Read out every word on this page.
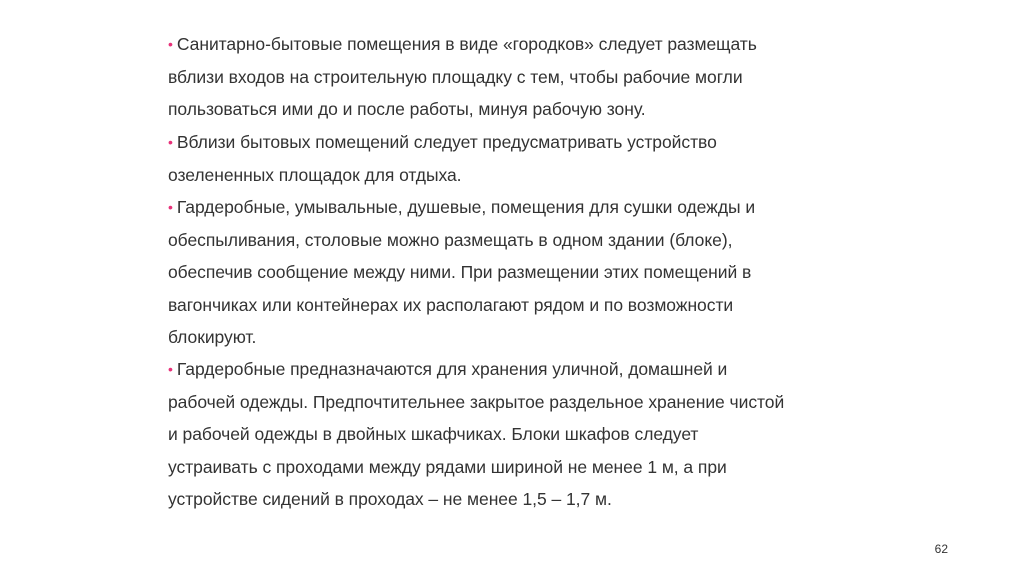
• Санитарно-бытовые помещения в виде «городков» следует размещать
вблизи входов на строительную площадку с тем, чтобы рабочие могли
пользоваться ими до и после работы, минуя рабочую зону.
• Вблизи бытовых помещений следует предусматривать устройство
озелененных площадок для отдыха.
• Гардеробные, умывальные, душевые, помещения для сушки одежды и
обеспыливания, столовые можно размещать в одном здании (блоке),
обеспечив сообщение между ними. При размещении этих помещений в
вагончиках или контейнерах их располагают рядом и по возможности
блокируют.
• Гардеробные предназначаются для хранения уличной, домашней и
рабочей одежды. Предпочтительнее закрытое раздельное хранение чистой
и рабочей одежды в двойных шкафчиках. Блоки шкафов следует
устраивать с проходами между рядами шириной не менее 1 м, а при
устройстве сидений в проходах – не менее 1,5 – 1,7 м.
62
